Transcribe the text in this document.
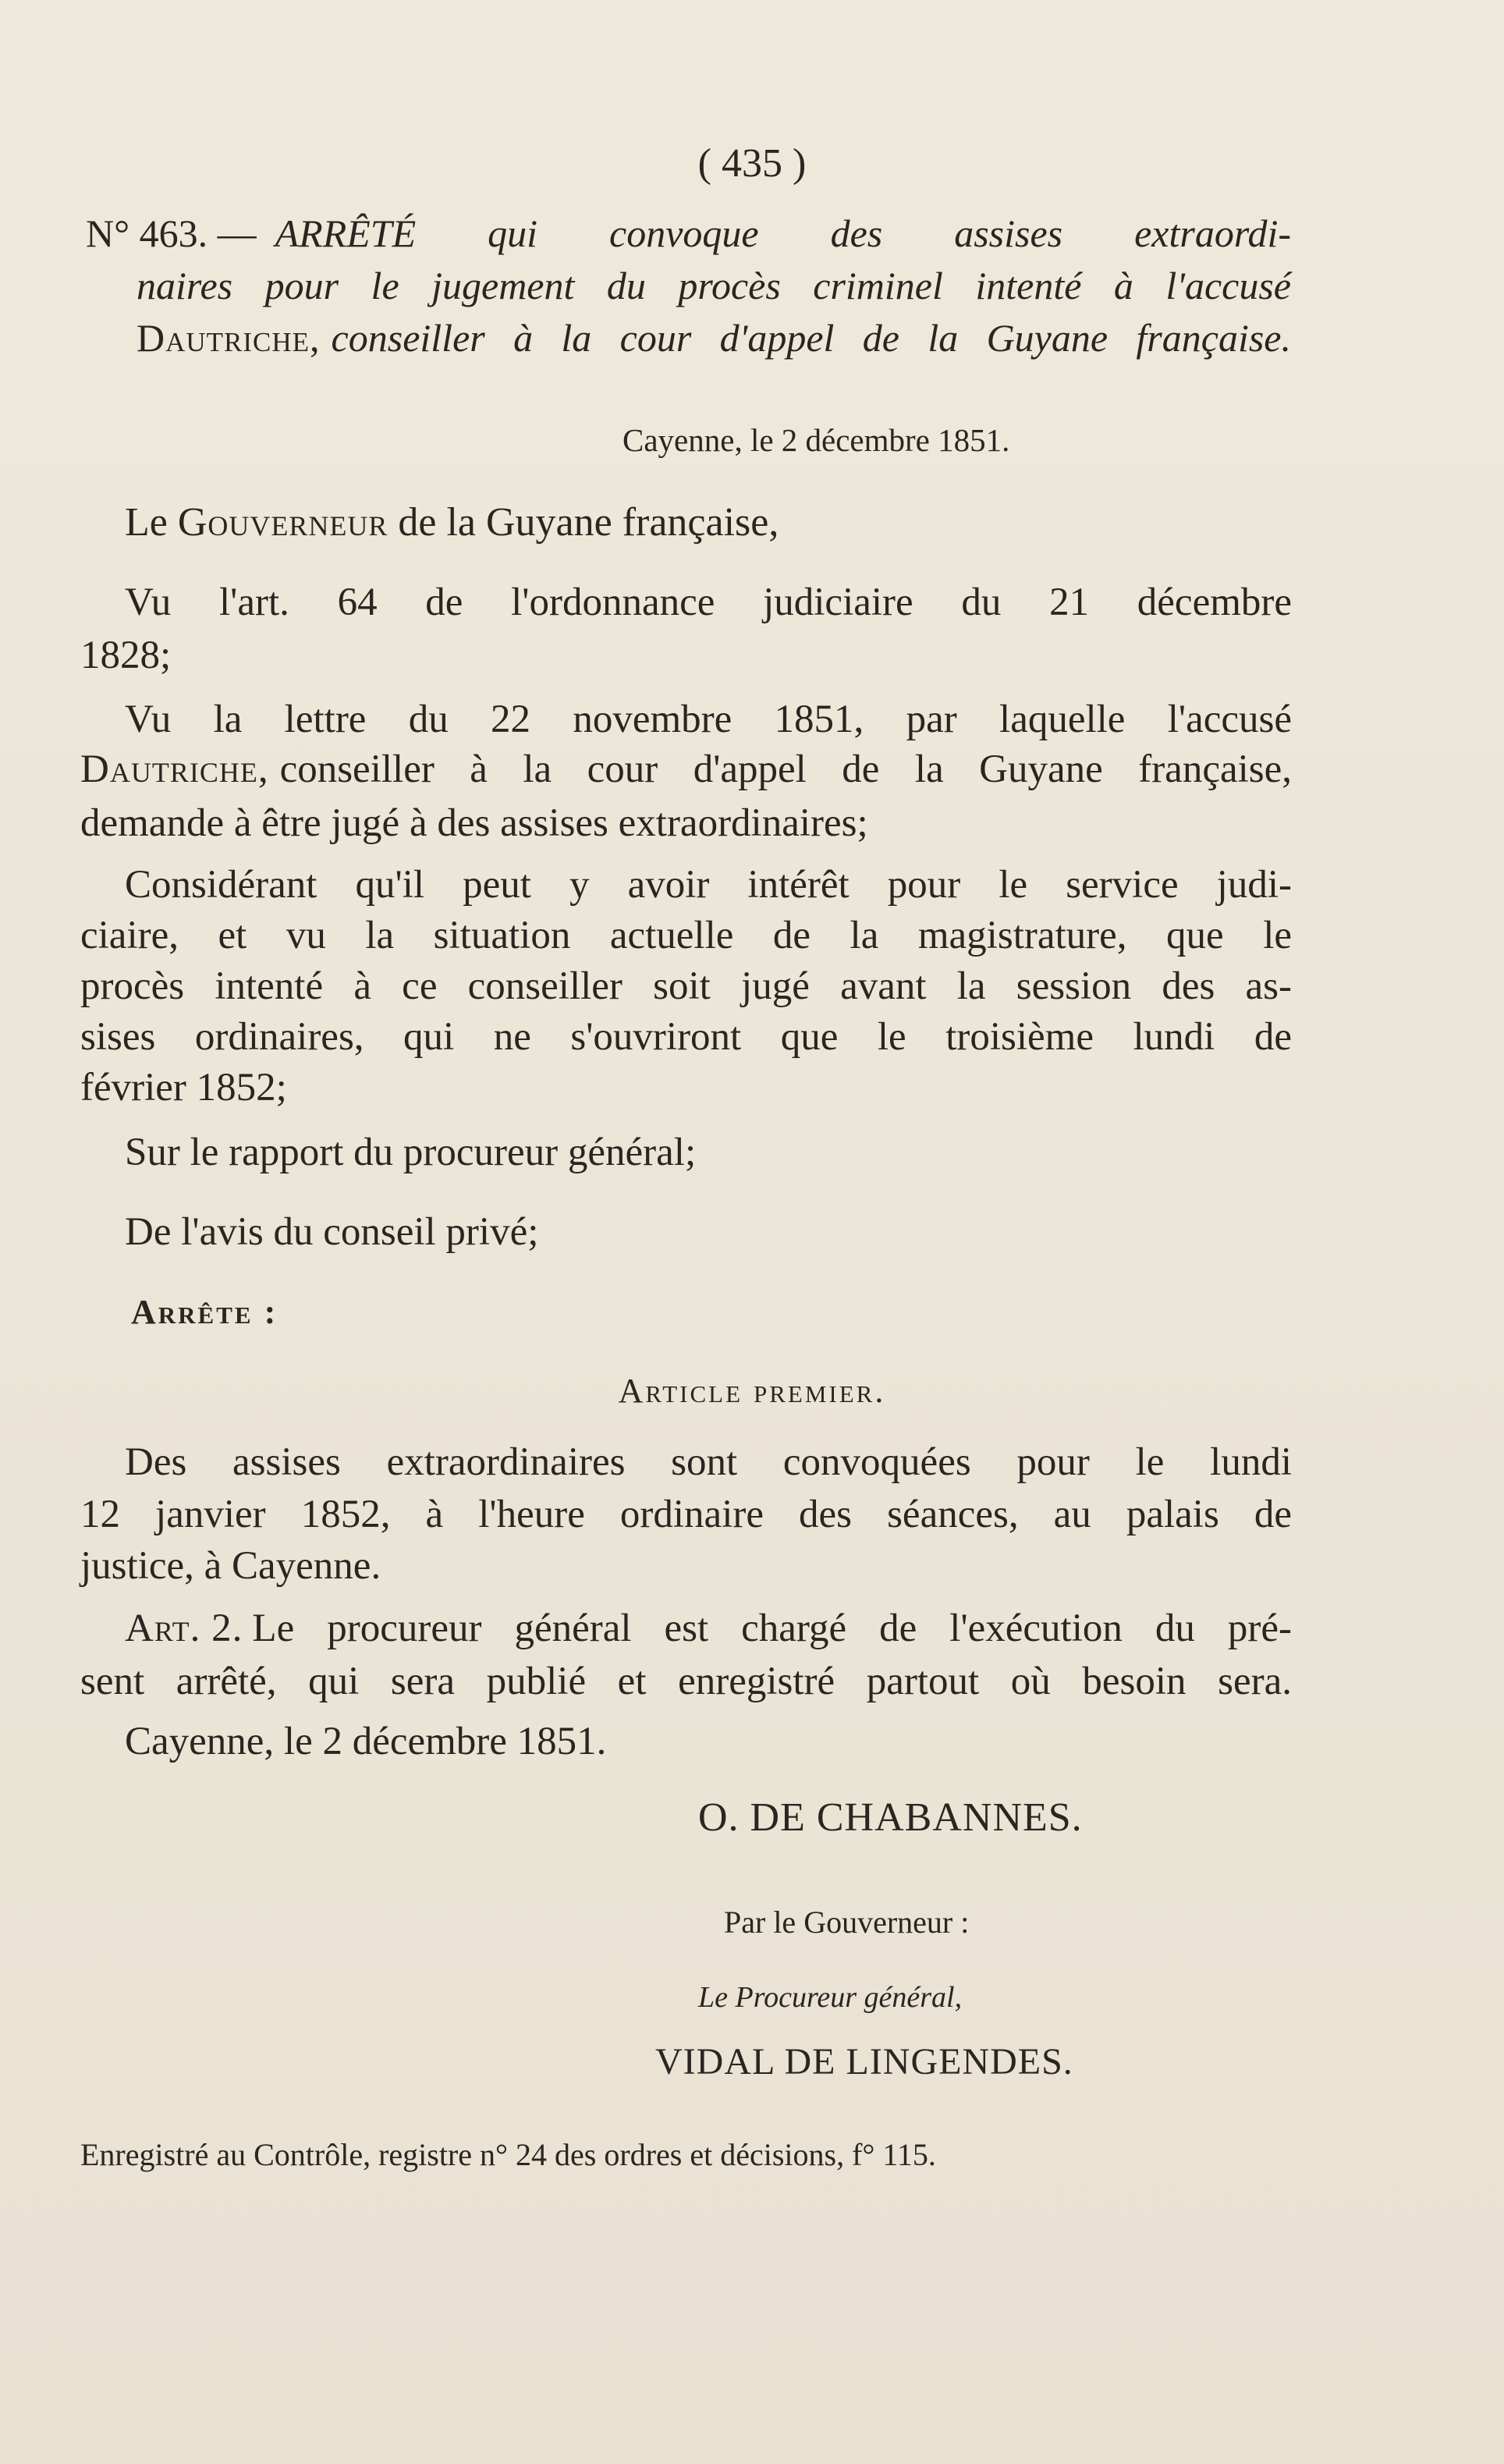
( 435 )
N° 463. — ARRÊTÉ qui convoque des assises extraordi-
naires pour le jugement du procès criminel intenté à l'accusé
Dautriche, conseiller à la cour d'appel de la Guyane française.
Cayenne, le 2 décembre 1851.
Le Gouverneur de la Guyane française,
Vu l'art. 64 de l'ordonnance judiciaire du 21 décembre
1828;
Vu la lettre du 22 novembre 1851, par laquelle l'accusé
Dautriche, conseiller à la cour d'appel de la Guyane française,
demande à être jugé à des assises extraordinaires;
Considérant qu'il peut y avoir intérêt pour le service judi-
ciaire, et vu la situation actuelle de la magistrature, que le
procès intenté à ce conseiller soit jugé avant la session des as-
sises ordinaires, qui ne s'ouvriront que le troisième lundi de
février 1852;
Sur le rapport du procureur général;
De l'avis du conseil privé;
Arrête :
Article premier.
Des assises extraordinaires sont convoquées pour le lundi
12 janvier 1852, à l'heure ordinaire des séances, au palais de
justice, à Cayenne.
Art. 2. Le procureur général est chargé de l'exécution du pré-
sent arrêté, qui sera publié et enregistré partout où besoin sera.
Cayenne, le 2 décembre 1851.
O. DE CHABANNES.
Par le Gouverneur :
Le Procureur général,
VIDAL DE LINGENDES.
Enregistré au Contrôle, registre n° 24 des ordres et décisions, f° 115.
